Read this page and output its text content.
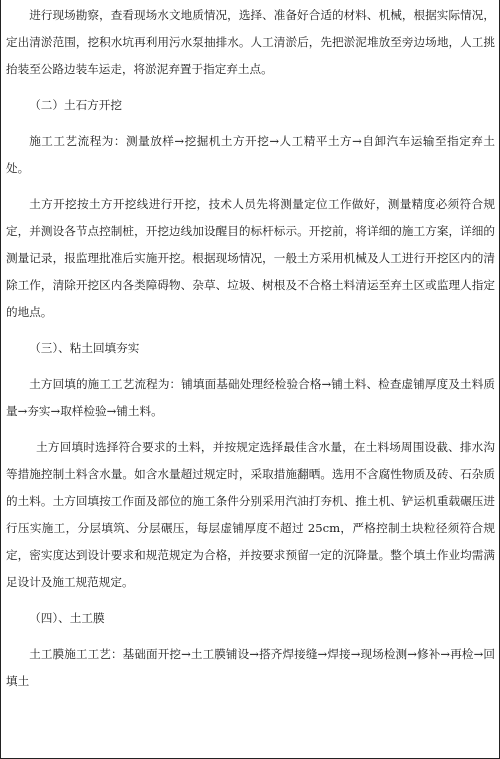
进行现场勘察，查看现场水文地质情况，选择、准备好合适的材料、机械，根据实际情况，定出清淤范围，挖积水坑再利用污水泵抽排水。人工清淤后，先把淤泥堆放至旁边场地，人工挑抬装至公路边装车运走，将淤泥弃置于指定弃土点。

（二）土石方开挖

施工工艺流程为：测量放样→挖掘机土方开挖→人工精平土方→自卸汽车运输至指定弃土处。

土方开挖按土方开挖线进行开挖，技术人员先将测量定位工作做好，测量精度必须符合规定，并测设各节点控制桩，开挖边线加设醒目的标杆标示。开挖前，将详细的施工方案，详细的测量记录，报监理批准后实施开挖。根据现场情况，一般土方采用机械及人工进行开挖区内的清除工作，清除开挖区内各类障碍物、杂草、垃圾、树根及不合格土料清运至弃土区或监理人指定的地点。

（三）、粘土回填夯实

土方回填的施工工艺流程为：铺填面基础处理经检验合格→铺土料、检查虚铺厚度及土料质量→夯实→取样检验→铺土料。

土方回填时选择符合要求的土料，并按规定选择最佳含水量，在土料场周围设截、排水沟等措施控制土料含水量。如含水量超过规定时，采取措施翻晒。选用不含腐性物质及砖、石杂质的土料。土方回填按工作面及部位的施工条件分别采用汽油打夯机、推土机、铲运机重载碾压进行压实施工，分层填筑、分层碾压，每层虚铺厚度不超过 25cm，严格控制土块粒径须符合规定，密实度达到设计要求和规范规定为合格，并按要求预留一定的沉降量。整个填土作业均需满足设计及施工规范规定。

（四）、土工膜

土工膜施工工艺：基础面开挖→土工膜铺设→搭齐焊接缝→焊接→现场检测→修补→再检→回填土
